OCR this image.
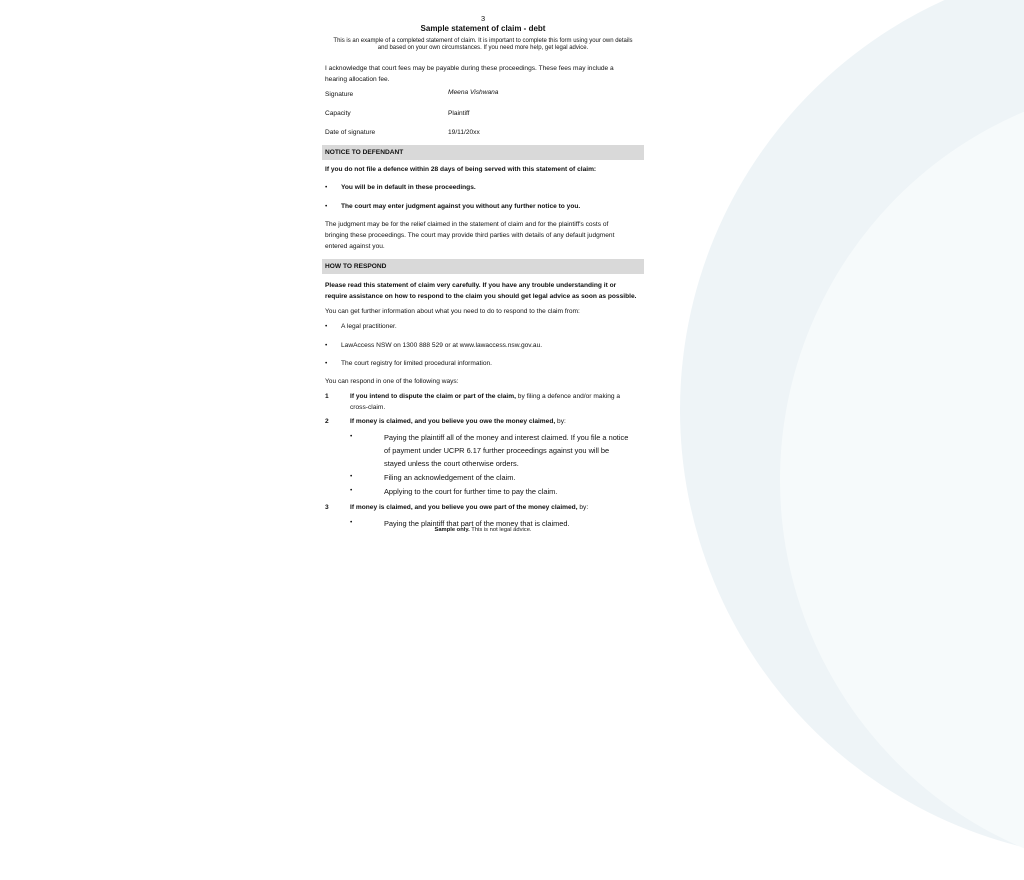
3
Sample statement of claim - debt
This is an example of a completed statement of claim. It is important to complete this form using your own details
and based on your own circumstances. If you need more help, get legal advice.
I acknowledge that court fees may be payable during these proceedings. These fees may include a
hearing allocation fee.
Signature	Meena Vishwana
Capacity	Plaintiff
Date of signature	19/11/20xx
NOTICE TO DEFENDANT
If you do not file a defence within 28 days of being served with this statement of claim:
• You will be in default in these proceedings.
• The court may enter judgment against you without any further notice to you.
The judgment may be for the relief claimed in the statement of claim and for the plaintiff's costs of
bringing these proceedings. The court may provide third parties with details of any default judgment
entered against you.
HOW TO RESPOND
Please read this statement of claim very carefully. If you have any trouble understanding it or
require assistance on how to respond to the claim you should get legal advice as soon as possible.
You can get further information about what you need to do to respond to the claim from:
• A legal practitioner.
• LawAccess NSW on 1300 888 529 or at www.lawaccess.nsw.gov.au.
• The court registry for limited procedural information.
You can respond in one of the following ways:
1	If you intend to dispute the claim or part of the claim, by filing a defence and/or making a
cross-claim.
2	If money is claimed, and you believe you owe the money claimed, by:
•	Paying the plaintiff all of the money and interest claimed. If you file a notice
of payment under UCPR 6.17 further proceedings against you will be
stayed unless the court otherwise orders.
•	Filing an acknowledgement of the claim.
•	Applying to the court for further time to pay the claim.
3	If money is claimed, and you believe you owe part of the money claimed, by:
•	Paying the plaintiff that part of the money that is claimed.
Sample only. This is not legal advice.
